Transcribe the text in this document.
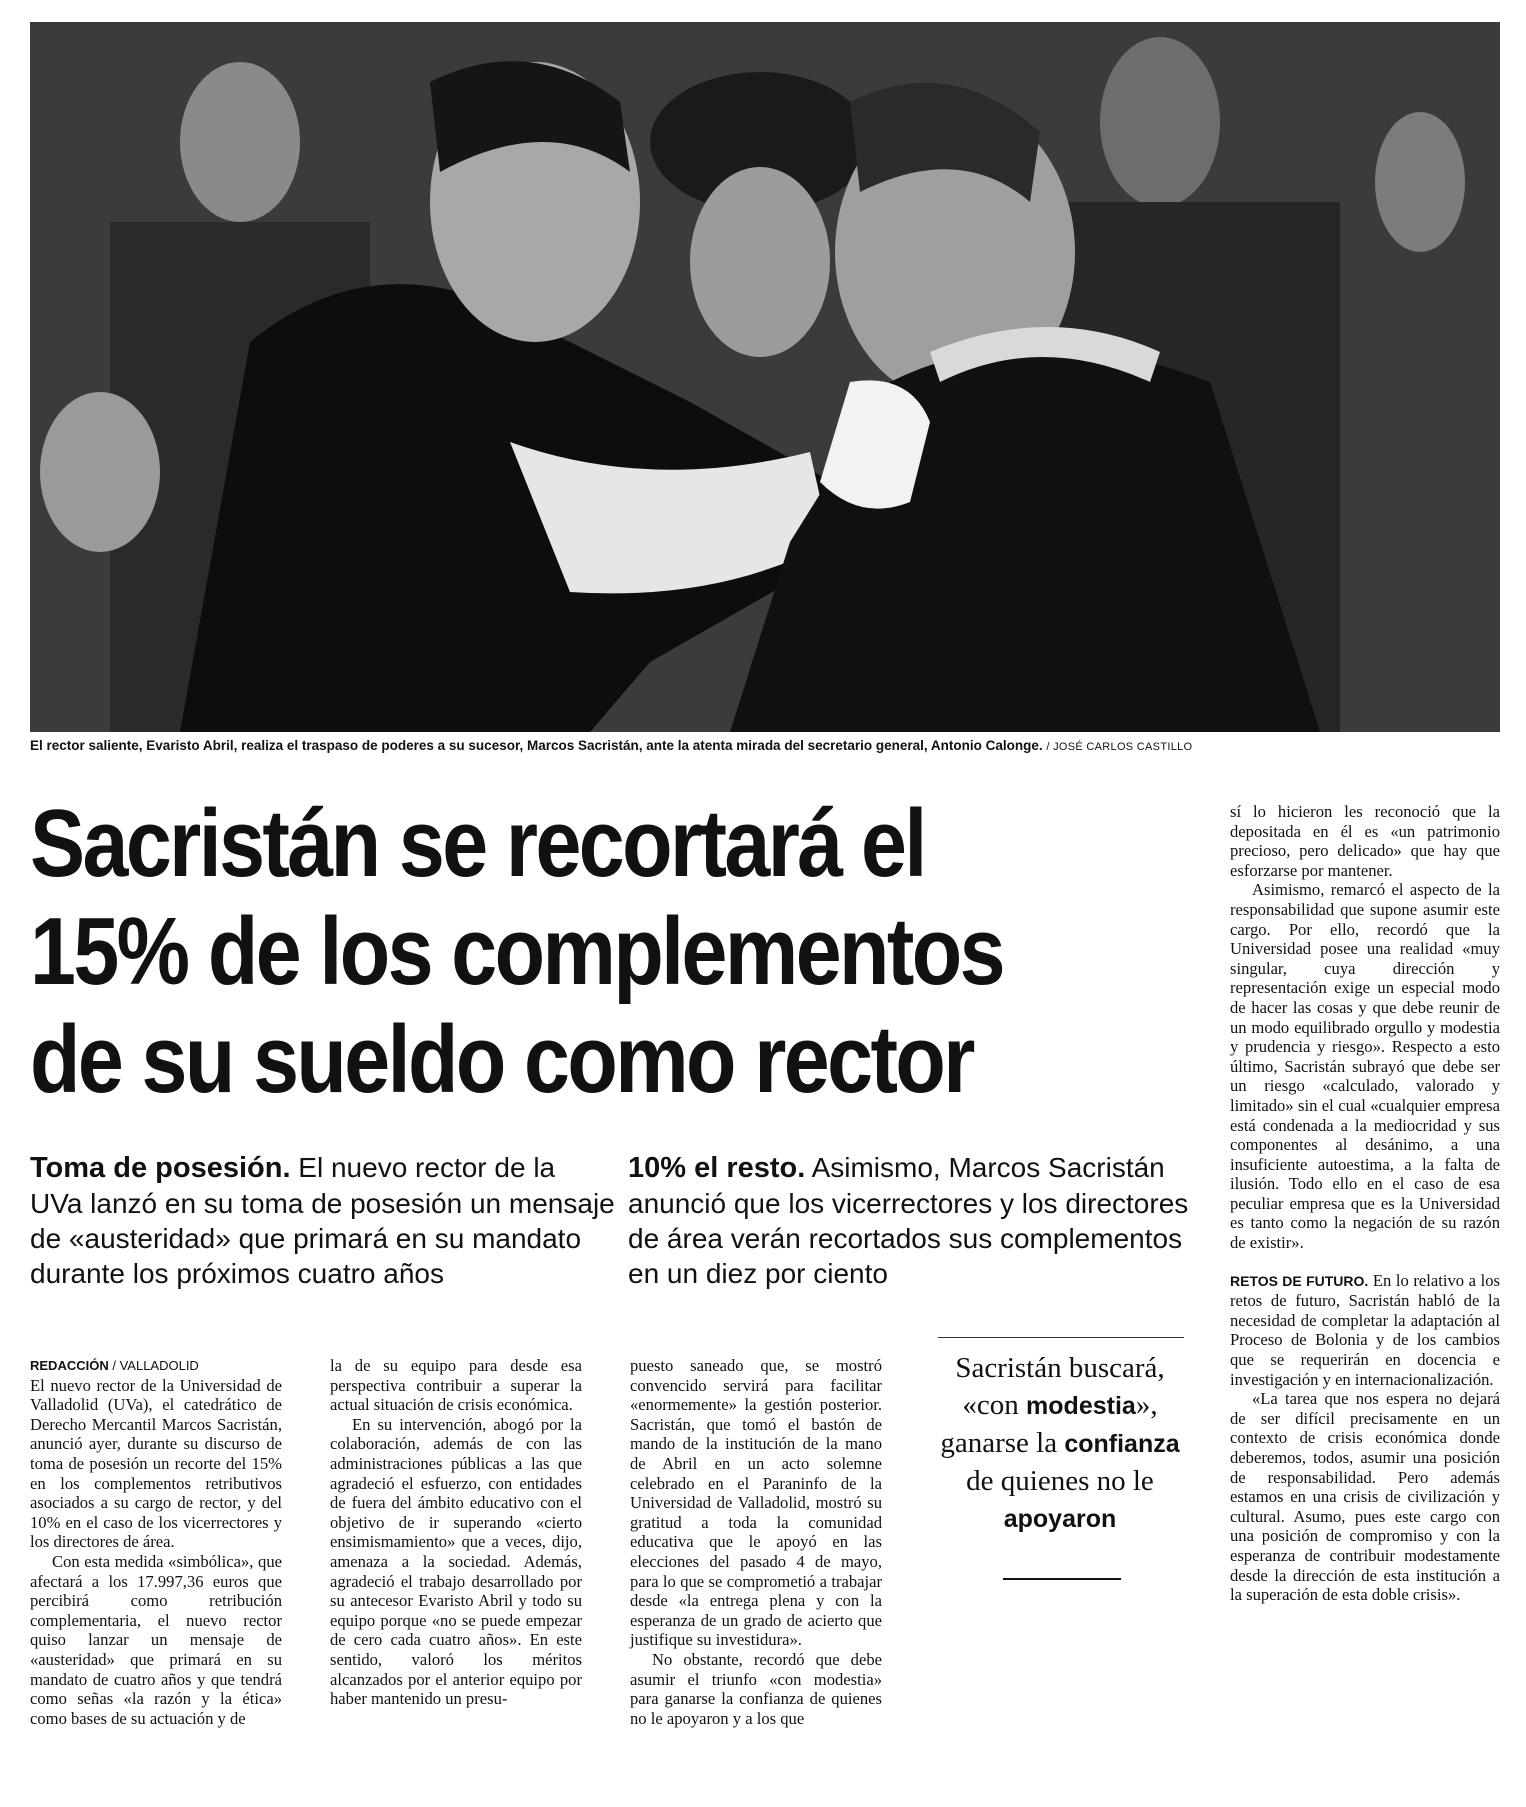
El rector saliente, Evaristo Abril, realiza el traspaso de poderes a su sucesor, Marcos Sacristán, ante la atenta mirada del secretario general, Antonio Calonge. / JOSÉ CARLOS CASTILLO
Sacristán se recortará el 15% de los complementos de su sueldo como rector
Toma de posesión. El nuevo rector de la UVa lanzó en su toma de posesión un mensaje de «austeridad» que primará en su mandato durante los próximos cuatro años
10% el resto. Asimismo, Marcos Sacristán anunció que los vicerrectores y los directores de área verán recortados sus complementos en un diez por ciento

REDACCIÓN / VALLADOLID

El nuevo rector de la Universidad de Valladolid (UVa), el catedrático de Derecho Mercantil Marcos Sacristán, anunció ayer, durante su discurso de toma de posesión un recorte del 15% en los complementos retributivos asociados a su cargo de rector, y del 10% en el caso de los vicerrectores y los directores de área.

Con esta medida «simbólica», que afectará a los 17.997,36 euros que percibirá como retribución complementaria, el nuevo rector quiso lanzar un mensaje de «austeridad» que primará en su mandato de cuatro años y que tendrá como señas «la razón y la ética» como bases de su actuación y de

la de su equipo para desde esa perspectiva contribuir a superar la actual situación de crisis económica.

En su intervención, abogó por la colaboración, además de con las administraciones públicas a las que agradeció el esfuerzo, con entidades de fuera del ámbito educativo con el objetivo de ir superando «cierto ensimismamiento» que a veces, dijo, amenaza a la sociedad. Además, agradeció el trabajo desarrollado por su antecesor Evaristo Abril y todo su equipo porque «no se puede empezar de cero cada cuatro años». En este sentido, valoró los méritos alcanzados por el anterior equipo por haber mantenido un presu-

puesto saneado que, se mostró convencido servirá para facilitar «enormemente» la gestión posterior. Sacristán, que tomó el bastón de mando de la institución de la mano de Abril en un acto solemne celebrado en el Paraninfo de la Universidad de Valladolid, mostró su gratitud a toda la comunidad educativa que le apoyó en las elecciones del pasado 4 de mayo, para lo que se comprometió a trabajar desde «la entrega plena y con la esperanza de un grado de acierto que justifique su investidura».

No obstante, recordó que debe asumir el triunfo «con modestia» para ganarse la confianza de quienes no le apoyaron y a los que

Sacristán buscará, «con modestia», ganarse la confianza de quienes no le apoyaron

sí lo hicieron les reconoció que la depositada en él es «un patrimonio precioso, pero delicado» que hay que esforzarse por mantener.

Asimismo, remarcó el aspecto de la responsabilidad que supone asumir este cargo. Por ello, recordó que la Universidad posee una realidad «muy singular, cuya dirección y representación exige un especial modo de hacer las cosas y que debe reunir de un modo equilibrado orgullo y modestia y prudencia y riesgo». Respecto a esto último, Sacristán subrayó que debe ser un riesgo «calculado, valorado y limitado» sin el cual «cualquier empresa está condenada a la mediocridad y sus componentes al desánimo, a una insuficiente autoestima, a la falta de ilusión. Todo ello en el caso de esa peculiar empresa que es la Universidad es tanto como la negación de su razón de existir».

RETOS DE FUTURO. En lo relativo a los retos de futuro, Sacristán habló de la necesidad de completar la adaptación al Proceso de Bolonia y de los cambios que se requerirán en docencia e investigación y en internacionalización.

«La tarea que nos espera no dejará de ser difícil precisamente en un contexto de crisis económica donde deberemos, todos, asumir una posición de responsabilidad. Pero además estamos en una crisis de civilización y cultural. Asumo, pues este cargo con una posición de compromiso y con la esperanza de contribuir modestamente desde la dirección de esta institución a la superación de esta doble crisis».
